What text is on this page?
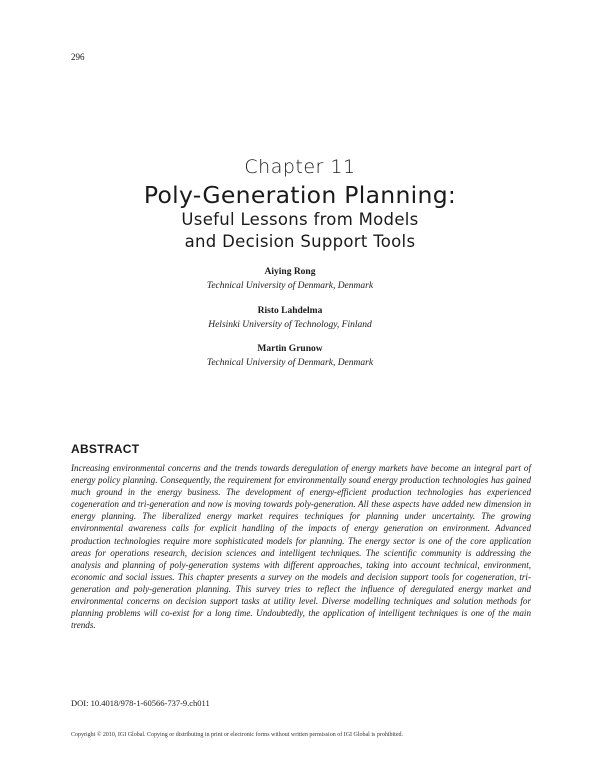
296
Chapter 11
Poly-Generation Planning:
Useful Lessons from Models
and Decision Support Tools
Aiying Rong
Technical University of Denmark, Denmark
Risto Lahdelma
Helsinki University of Technology, Finland
Martin Grunow
Technical University of Denmark, Denmark
ABSTRACT
Increasing environmental concerns and the trends towards deregulation of energy markets have become an integral part of energy policy planning. Consequently, the requirement for environmentally sound energy production technologies has gained much ground in the energy business. The development of energy-efficient production technologies has experienced cogeneration and tri-generation and now is moving towards poly-generation. All these aspects have added new dimension in energy planning. The liberalized energy market requires techniques for planning under uncertainty. The growing environmental awareness calls for explicit handling of the impacts of energy generation on environment. Advanced production technologies require more sophisticated models for planning. The energy sector is one of the core application areas for operations research, decision sciences and intelligent techniques. The scientific community is addressing the analysis and planning of poly-generation systems with different approaches, taking into account technical, environment, economic and social issues. This chapter presents a survey on the models and decision support tools for cogeneration, tri-generation and poly-generation planning. This survey tries to reflect the influence of deregulated energy market and environmental concerns on decision support tasks at utility level. Diverse modelling techniques and solution methods for planning problems will co-exist for a long time. Undoubtedly, the application of intelligent techniques is one of the main trends.
DOI: 10.4018/978-1-60566-737-9.ch011
Copyright © 2010, IGI Global. Copying or distributing in print or electronic forms without written permission of IGI Global is prohibited.
